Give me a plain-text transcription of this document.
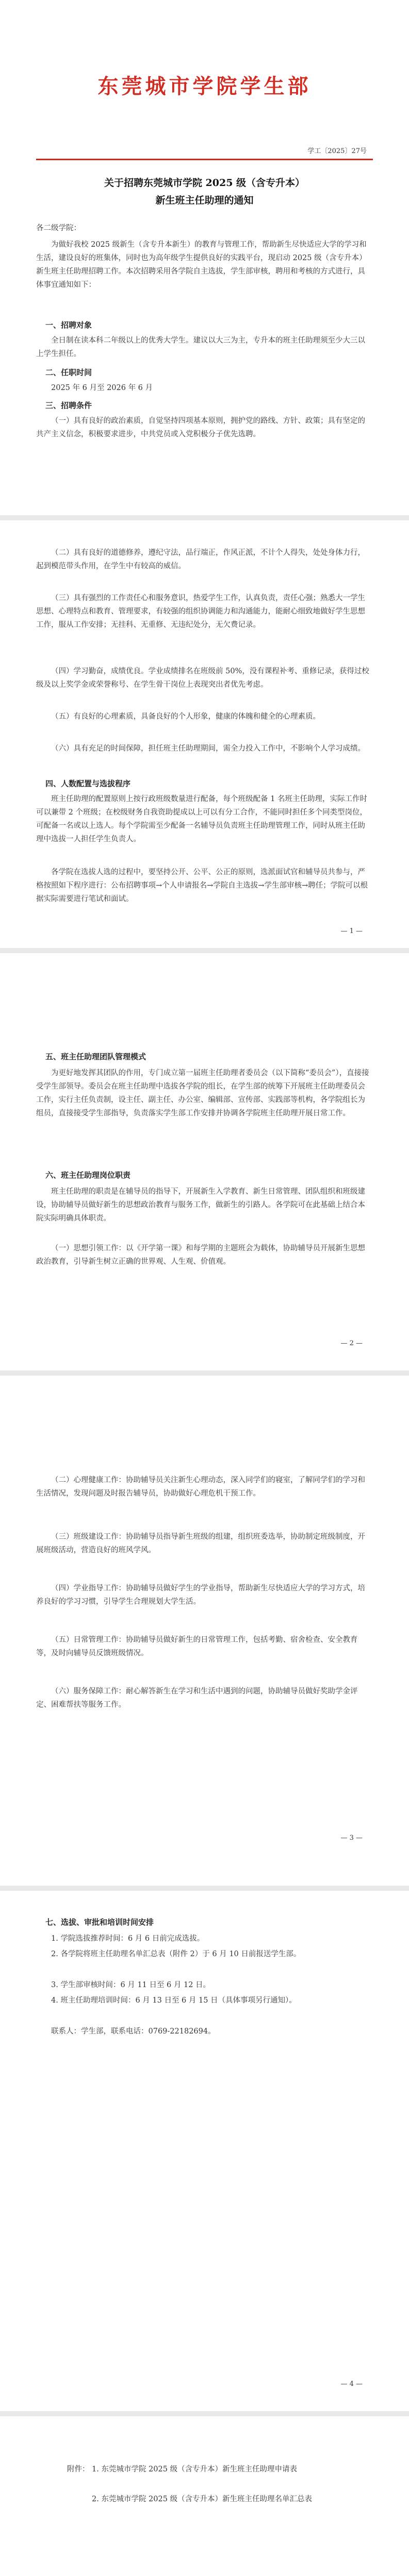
东莞城市学院学生部
学工〔2025〕27号
关于招聘东莞城市学院 2025 级（含专升本）
新生班主任助理的通知
各二级学院：
为做好我校 2025 级新生（含专升本新生）的教育与管理工作，帮助新生尽快适应大学的学习和生活，建设良好的班集体，同时也为高年级学生提供良好的实践平台，现启动 2025 级（含专升本）新生班主任助理招聘工作。本次招聘采用各学院自主选拔，学生部审核，聘用和考核的方式进行，具体事宜通知如下：
一、招聘对象
全日制在读本科二年级以上的优秀大学生。建议以大三为主，专升本的班主任助理须至少大三以上学生担任。
二、任职时间
2025 年 6 月至 2026 年 6 月
三、招聘条件
（一）具有良好的政治素质，自觉坚持四项基本原则，拥护党的路线、方针、政策；具有坚定的共产主义信念，积极要求进步，中共党员或入党积极分子优先选聘。
（二）具有良好的道德修养，遵纪守法，品行端正，作风正派，不计个人得失，处处身体力行，起到模范带头作用，在学生中有较高的威信。
（三）具有强烈的工作责任心和服务意识，热爱学生工作，认真负责，责任心强；熟悉大一学生思想、心理特点和教育、管理要求，有较强的组织协调能力和沟通能力，能耐心细致地做好学生思想工作，服从工作安排；无挂科、无重修、无违纪处分，无欠费记录。
（四）学习勤奋，成绩优良。学业成绩排名在班级前 50%，没有课程补考、重修记录，获得过校级及以上奖学金或荣誉称号、在学生骨干岗位上表现突出者优先考虑。
（五）有良好的心理素质，具备良好的个人形象，健康的体魄和健全的心理素质。
（六）具有充足的时间保障，担任班主任助理期间，需全力投入工作中，不影响个人学习成绩。
四、人数配置与选拔程序
班主任助理的配置原则上按行政班级数量进行配备，每个班级配备 1 名班主任助理，实际工作时可以兼带 2 个班级；在校级财务自我资助提成以上可以有分工合作，不能同时担任多个同类型岗位，可配备一名或以上选人。每个学院需至少配备一名辅导员负责班主任助理管理工作，同时从班主任助理中选拔一人担任学生负责人。
各学院在选拔人选的过程中，要坚持公开、公平、公正的原则，选派面试官和辅导员共参与，严格按照如下程序进行：公布招聘事项→个人申请报名→学院自主选拔→学生部审核→聘任；学院可以根据实际需要进行笔试和面试。
— 1 —
五、班主任助理团队管理模式
为更好地发挥其团队的作用，专门成立第一届班主任助理者委员会（以下简称“委员会”），直接接受学生部领导。委员会在班主任助理中选拔各学院的组长，在学生部的统筹下开展班主任助理委员会工作，实行主任负责制，设主任、副主任、办公室、编辑部、宣传部、实践部等机构，各学院组长为组员，直接接受学生部指导，负责落实学生部工作安排并协调各学院班主任助理开展日常工作。
六、班主任助理岗位职责
班主任助理的职责是在辅导员的指导下，开展新生入学教育、新生日常管理、团队组织和班级建设，协助辅导员做好新生的思想政治教育与服务工作，做新生的引路人。各学院可在此基础上结合本院实际明确具体职责。
（一）思想引领工作：以《开学第一课》和每学期的主题班会为载体，协助辅导员开展新生思想政治教育，引导新生树立正确的世界观、人生观、价值观。
— 2 —
（二）心理健康工作：协助辅导员关注新生心理动态，深入同学们的寝室，了解同学们的学习和生活情况，发现问题及时报告辅导员，协助做好心理危机干预工作。
（三）班级建设工作：协助辅导员指导新生班级的组建，组织班委选举，协助制定班级制度，开展班级活动，营造良好的班风学风。
（四）学业指导工作：协助辅导员做好学生的学业指导，帮助新生尽快适应大学的学习方式，培养良好的学习习惯，引导学生合理规划大学生活。
（五）日常管理工作：协助辅导员做好新生的日常管理工作，包括考勤、宿舍检查、安全教育等，及时向辅导员反馈班级情况。
（六）服务保障工作：耐心解答新生在学习和生活中遇到的问题，协助辅导员做好奖助学金评定、困难帮扶等服务工作。
— 3 —
七、选拔、审批和培训时间安排
1. 学院选拔推荐时间：6 月 6 日前完成选拔。
2. 各学院将班主任助理名单汇总表（附件 2）于 6 月 10 日前报送学生部。
3. 学生部审核时间：6 月 11 日至 6 月 12 日。
4. 班主任助理培训时间：6 月 13 日至 6 月 15 日（具体事项另行通知）。
联系人：学生部，联系电话：0769-22182694。
— 4 —
附件： 1. 东莞城市学院 2025 级（含专升本）新生班主任助理申请表
2. 东莞城市学院 2025 级（含专升本）新生班主任助理名单汇总表
